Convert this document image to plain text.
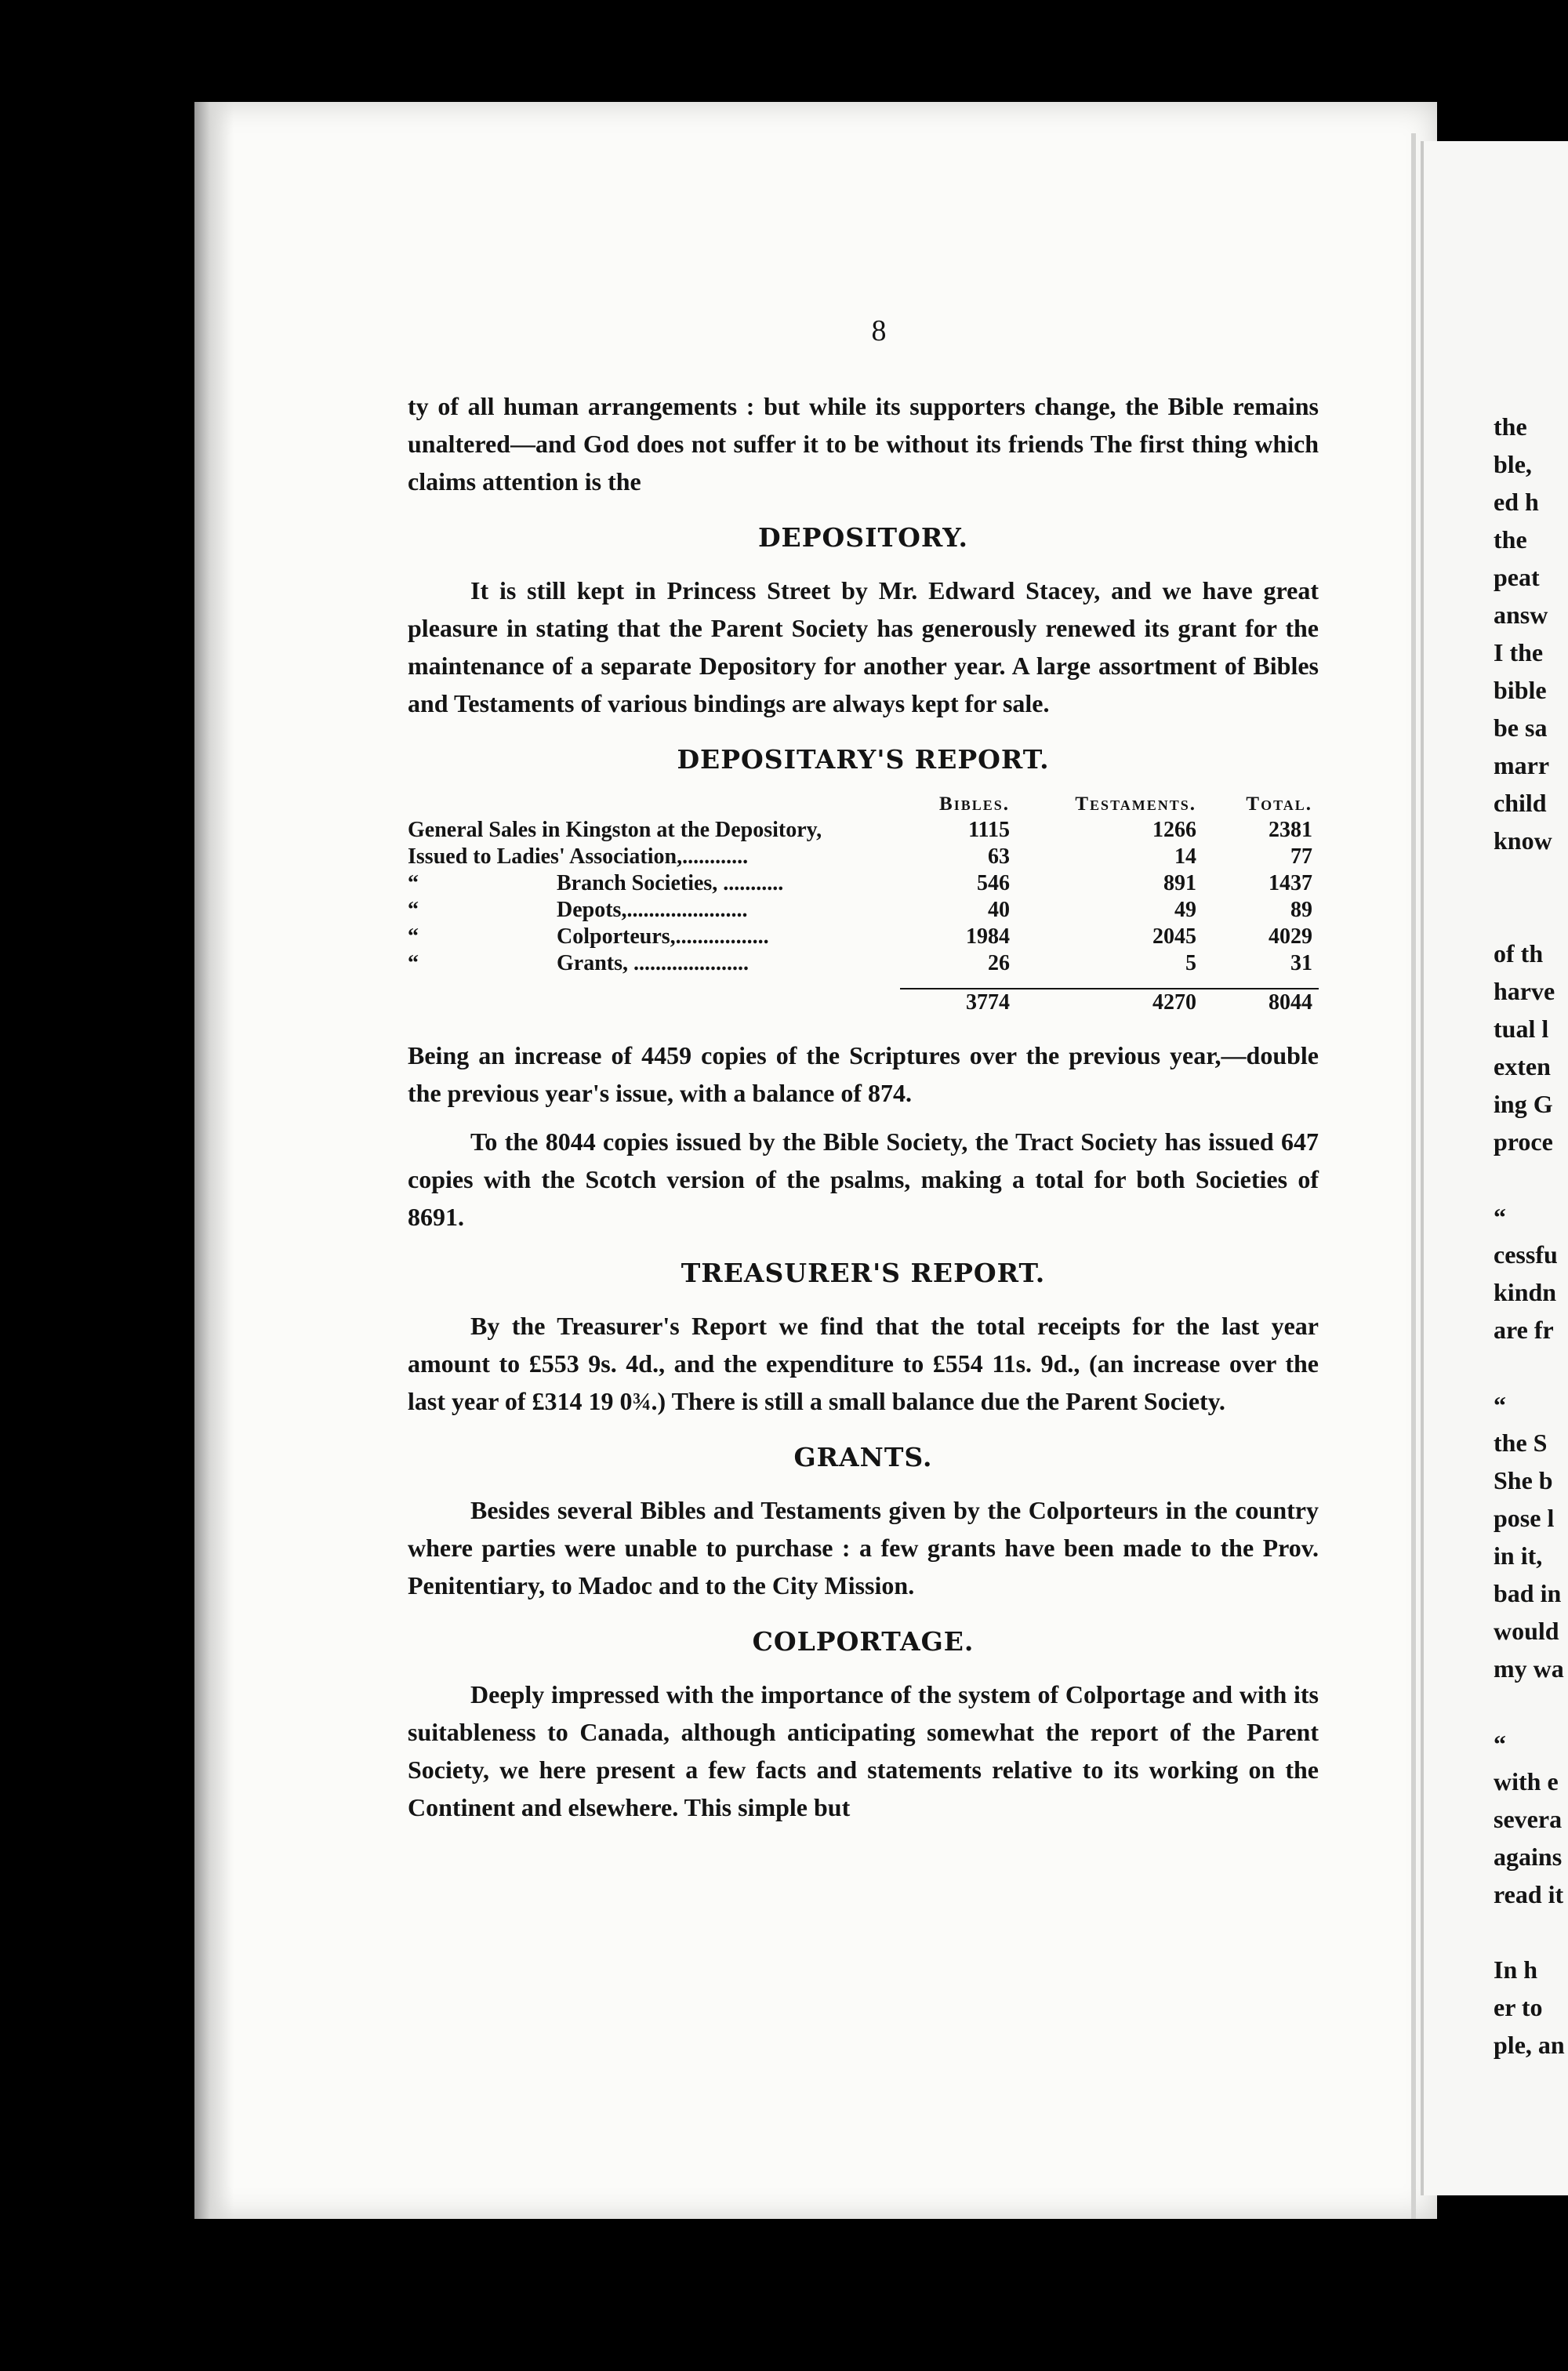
8

ty of all human arrangements : but while its supporters change, the Bible remains unaltered—and God does not suffer it to be without its friends The first thing which claims attention is the

DEPOSITORY.

It is still kept in Princess Street by Mr. Edward Stacey, and we have great pleasure in stating that the Parent Society has generously renewed its grant for the maintenance of a separate Depository for another year. A large assortment of Bibles and Testaments of various bindings are always kept for sale.

DEPOSITARY'S REPORT.
	Bibles.	Testaments.	Total.
General Sales in Kingston at the Depository,	1115	1266	2381
Issued to Ladies' Association,............	63	14	77
“ Branch Societies, ...........	546	891	1437
“ Depots,......................	40	49	89
“ Colporteurs,.................	1984	2045	4029
“ Grants, .....................	26	5	31

	3774	4270	8044

Being an increase of 4459 copies of the Scriptures over the previous year,—double the previous year's issue, with a balance of 874.

To the 8044 copies issued by the Bible Society, the Tract Society has issued 647 copies with the Scotch version of the psalms, making a total for both Societies of 8691.

TREASURER'S REPORT.

By the Treasurer's Report we find that the total receipts for the last year amount to £553 9s. 4d., and the expenditure to £554 11s. 9d., (an increase over the last year of £314 19 0¾.) There is still a small balance due the Parent Society.

GRANTS.

Besides several Bibles and Testaments given by the Colporteurs in the country where parties were unable to purchase : a few grants have been made to the Prov. Penitentiary, to Madoc and to the City Mission.

COLPORTAGE.

Deeply impressed with the importance of the system of Colportage and with its suitableness to Canada, although anticipating somewhat the report of the Parent Society, we here present a few facts and statements relative to its working on the Continent and elsewhere. This simple but

the
ble,
ed h
the
peat
answ
I the
bible
be sa
marr
child
know

of th
harve
tual l
exten
ing G
proce

“
cessfu
kindn
are fr

“
the S
She b
pose l
in it,
bad in
would
my wa

“
with e
severa
agains
read it

In h
er to
ple, an
